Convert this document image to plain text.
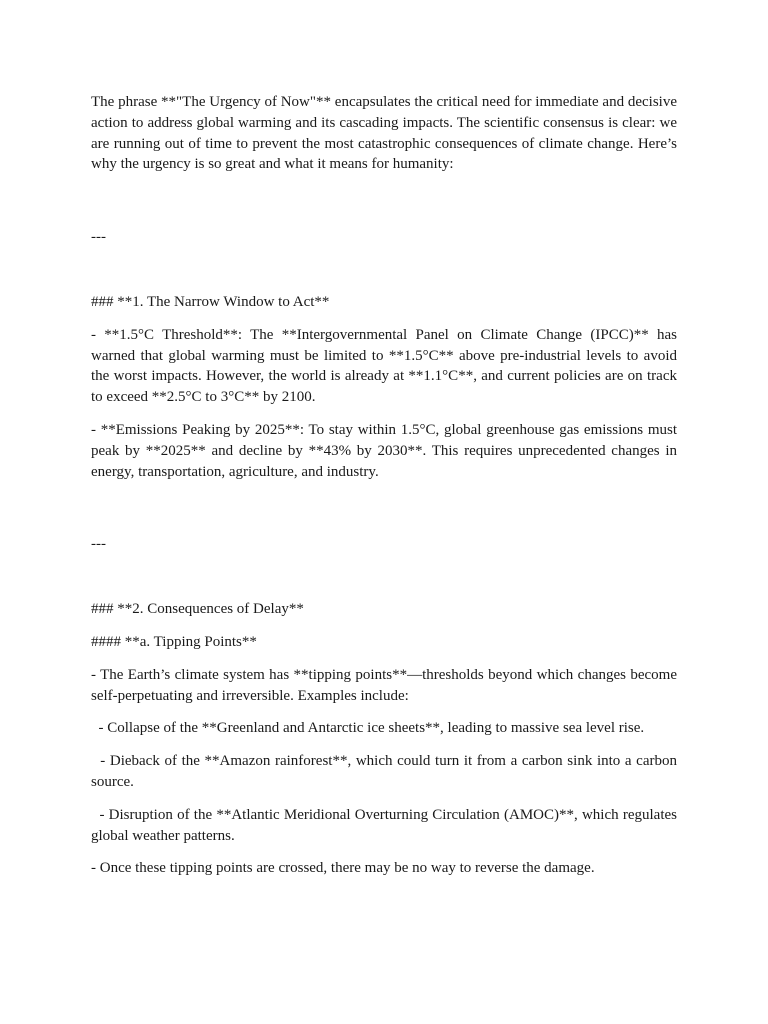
The phrase **"The Urgency of Now"** encapsulates the critical need for immediate and decisive action to address global warming and its cascading impacts. The scientific consensus is clear: we are running out of time to prevent the most catastrophic consequences of climate change. Here’s why the urgency is so great and what it means for humanity:

---

### **1. The Narrow Window to Act**

- **1.5°C Threshold**: The **Intergovernmental Panel on Climate Change (IPCC)** has warned that global warming must be limited to **1.5°C** above pre-industrial levels to avoid the worst impacts. However, the world is already at **1.1°C**, and current policies are on track to exceed **2.5°C to 3°C** by 2100.

- **Emissions Peaking by 2025**: To stay within 1.5°C, global greenhouse gas emissions must peak by **2025** and decline by **43% by 2030**. This requires unprecedented changes in energy, transportation, agriculture, and industry.

---

### **2. Consequences of Delay**

#### **a. Tipping Points**

- The Earth’s climate system has **tipping points**—thresholds beyond which changes become self-perpetuating and irreversible. Examples include:

- Collapse of the **Greenland and Antarctic ice sheets**, leading to massive sea level rise.

- Dieback of the **Amazon rainforest**, which could turn it from a carbon sink into a carbon source.

- Disruption of the **Atlantic Meridional Overturning Circulation (AMOC)**, which regulates global weather patterns.

- Once these tipping points are crossed, there may be no way to reverse the damage.
